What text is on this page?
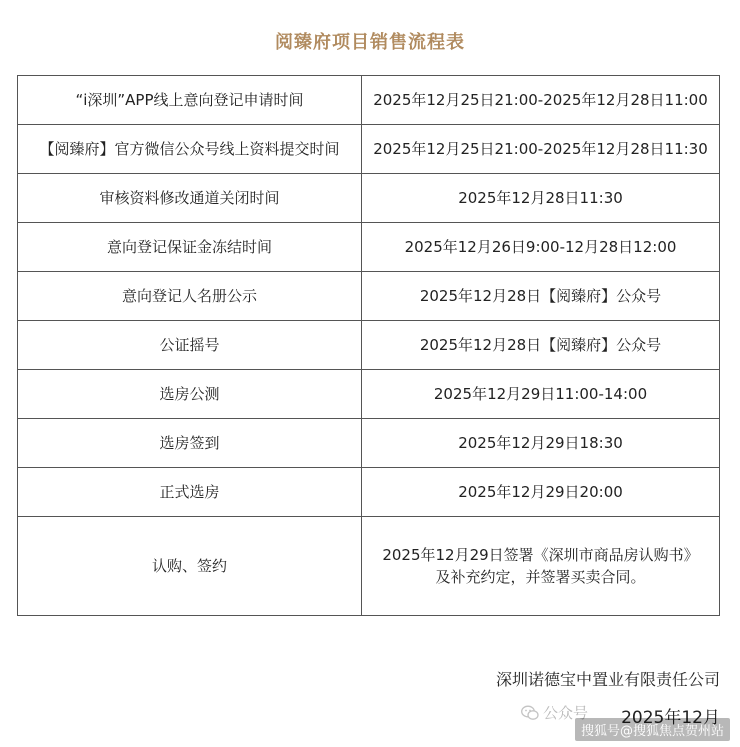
阅臻府项目销售流程表
“i深圳”APP线上意向登记申请时间	2025年12月25日21:00-2025年12月28日11:00
【阅臻府】官方微信公众号线上资料提交时间	2025年12月25日21:00-2025年12月28日11:30
审核资料修改通道关闭时间	2025年12月28日11:30
意向登记保证金冻结时间	2025年12月26日9:00-12月28日12:00
意向登记人名册公示	2025年12月28日【阅臻府】公众号
公证摇号	2025年12月28日【阅臻府】公众号
选房公测	2025年12月29日11:00-14:00
选房签到	2025年12月29日18:30
正式选房	2025年12月29日20:00
认购、签约	2025年12月29日签署《深圳市商品房认购书》
及补充约定，并签署买卖合同。
深圳诺德宝中置业有限责任公司
公众号 2025年12月
搜狐号@搜狐焦点贺州站
